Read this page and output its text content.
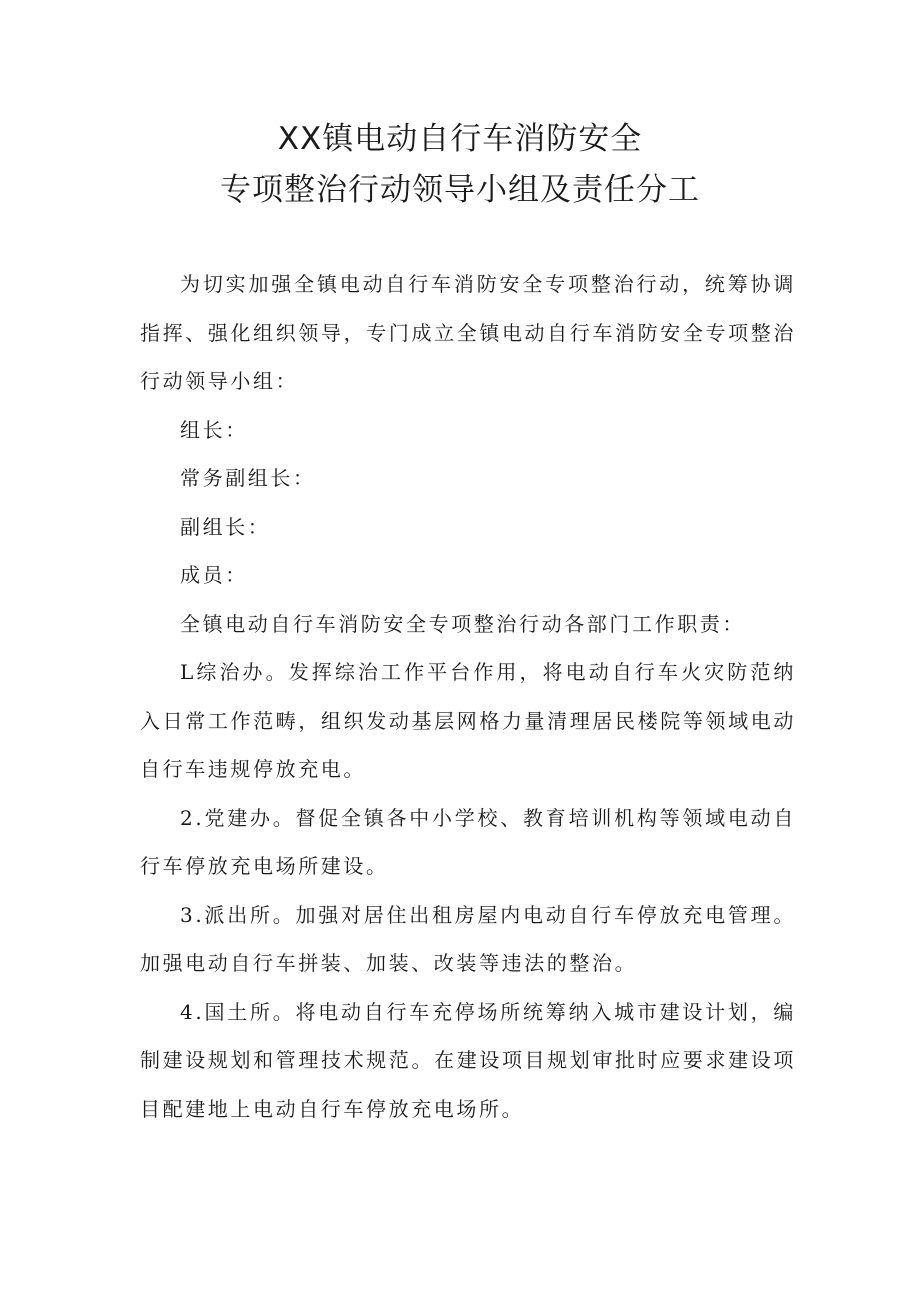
XX镇电动自行车消防安全
专项整治行动领导小组及责任分工

为切实加强全镇电动自行车消防安全专项整治行动，统筹协调指挥、强化组织领导，专门成立全镇电动自行车消防安全专项整治行动领导小组：

组长：

常务副组长：

副组长：

成员：

全镇电动自行车消防安全专项整治行动各部门工作职责：

L综治办。发挥综治工作平台作用，将电动自行车火灾防范纳入日常工作范畴，组织发动基层网格力量清理居民楼院等领域电动自行车违规停放充电。

2.党建办。督促全镇各中小学校、教育培训机构等领域电动自行车停放充电场所建设。

3.派出所。加强对居住出租房屋内电动自行车停放充电管理。加强电动自行车拼装、加装、改装等违法的整治。

4.国土所。将电动自行车充停场所统筹纳入城市建设计划，编制建设规划和管理技术规范。在建设项目规划审批时应要求建设项目配建地上电动自行车停放充电场所。
